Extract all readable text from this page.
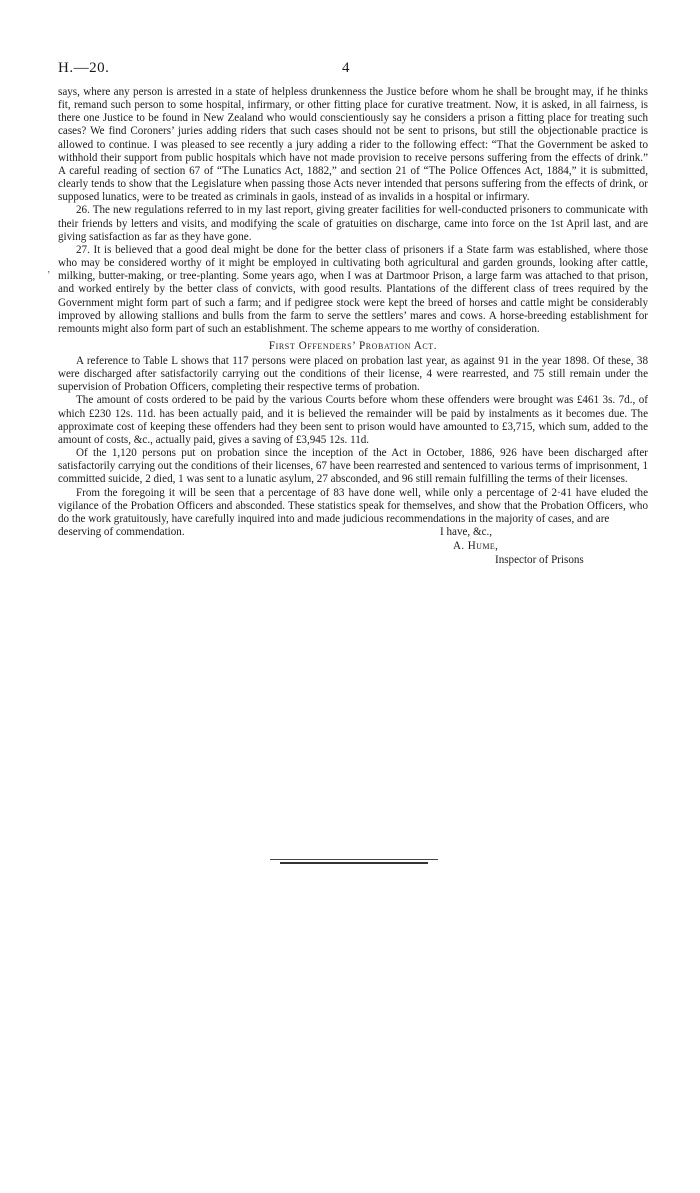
‚
H.—20.	4

says, where any person is arrested in a state of helpless drunkenness the Justice before whom he shall be brought may, if he thinks fit, remand such person to some hospital, infirmary, or other fitting place for curative treatment. Now, it is asked, in all fairness, is there one Justice to be found in New Zealand who would conscientiously say he considers a prison a fitting place for treating such cases? We find Coroners’ juries adding riders that such cases should not be sent to prisons, but still the objectionable practice is allowed to continue. I was pleased to see recently a jury adding a rider to the following effect: “That the Government be asked to withhold their support from public hospitals which have not made provision to receive persons suffering from the effects of drink.” A careful reading of section 67 of “The Lunatics Act, 1882,” and section 21 of “The Police Offences Act, 1884,” it is submitted, clearly tends to show that the Legislature when passing those Acts never intended that persons suffering from the effects of drink, or supposed lunatics, were to be treated as criminals in gaols, instead of as invalids in a hospital or infirmary.

26. The new regulations referred to in my last report, giving greater facilities for well-conducted prisoners to communicate with their friends by letters and visits, and modifying the scale of gratuities on discharge, came into force on the 1st April last, and are giving satisfaction as far as they have gone.

27. It is believed that a good deal might be done for the better class of prisoners if a State farm was established, where those who may be considered worthy of it might be employed in cultivating both agricultural and garden grounds, looking after cattle, milking, butter-making, or tree-planting. Some years ago, when I was at Dartmoor Prison, a large farm was attached to that prison, and worked entirely by the better class of convicts, with good results. Plantations of the different class of trees required by the Government might form part of such a farm; and if pedigree stock were kept the breed of horses and cattle might be considerably improved by allowing stallions and bulls from the farm to serve the settlers’ mares and cows. A horse-breeding establishment for remounts might also form part of such an establishment. The scheme appears to me worthy of consideration.

First Offenders’ Probation Act.

A reference to Table L shows that 117 persons were placed on probation last year, as against 91 in the year 1898. Of these, 38 were discharged after satisfactorily carrying out the conditions of their license, 4 were rearrested, and 75 still remain under the supervision of Probation Officers, completing their respective terms of probation.

The amount of costs ordered to be paid by the various Courts before whom these offenders were brought was £461 3s. 7d., of which £230 12s. 11d. has been actually paid, and it is believed the remainder will be paid by instalments as it becomes due. The approximate cost of keeping these offenders had they been sent to prison would have amounted to £3,715, which sum, added to the amount of costs, &c., actually paid, gives a saving of £3,945 12s. 11d.

Of the 1,120 persons put on probation since the inception of the Act in October, 1886, 926 have been discharged after satisfactorily carrying out the conditions of their licenses, 67 have been rearrested and sentenced to various terms of imprisonment, 1 committed suicide, 2 died, 1 was sent to a lunatic asylum, 27 absconded, and 96 still remain fulfilling the terms of their licenses.

From the foregoing it will be seen that a percentage of 83 have done well, while only a percentage of 2·41 have eluded the vigilance of the Probation Officers and absconded. These statistics speak for themselves, and show that the Probation Officers, who do the work gratuitously, have carefully inquired into and made judicious recommendations in the majority of cases, and are

deserving of commendation.	I have, &c.,
A. Hume,
Inspector of Prisons
